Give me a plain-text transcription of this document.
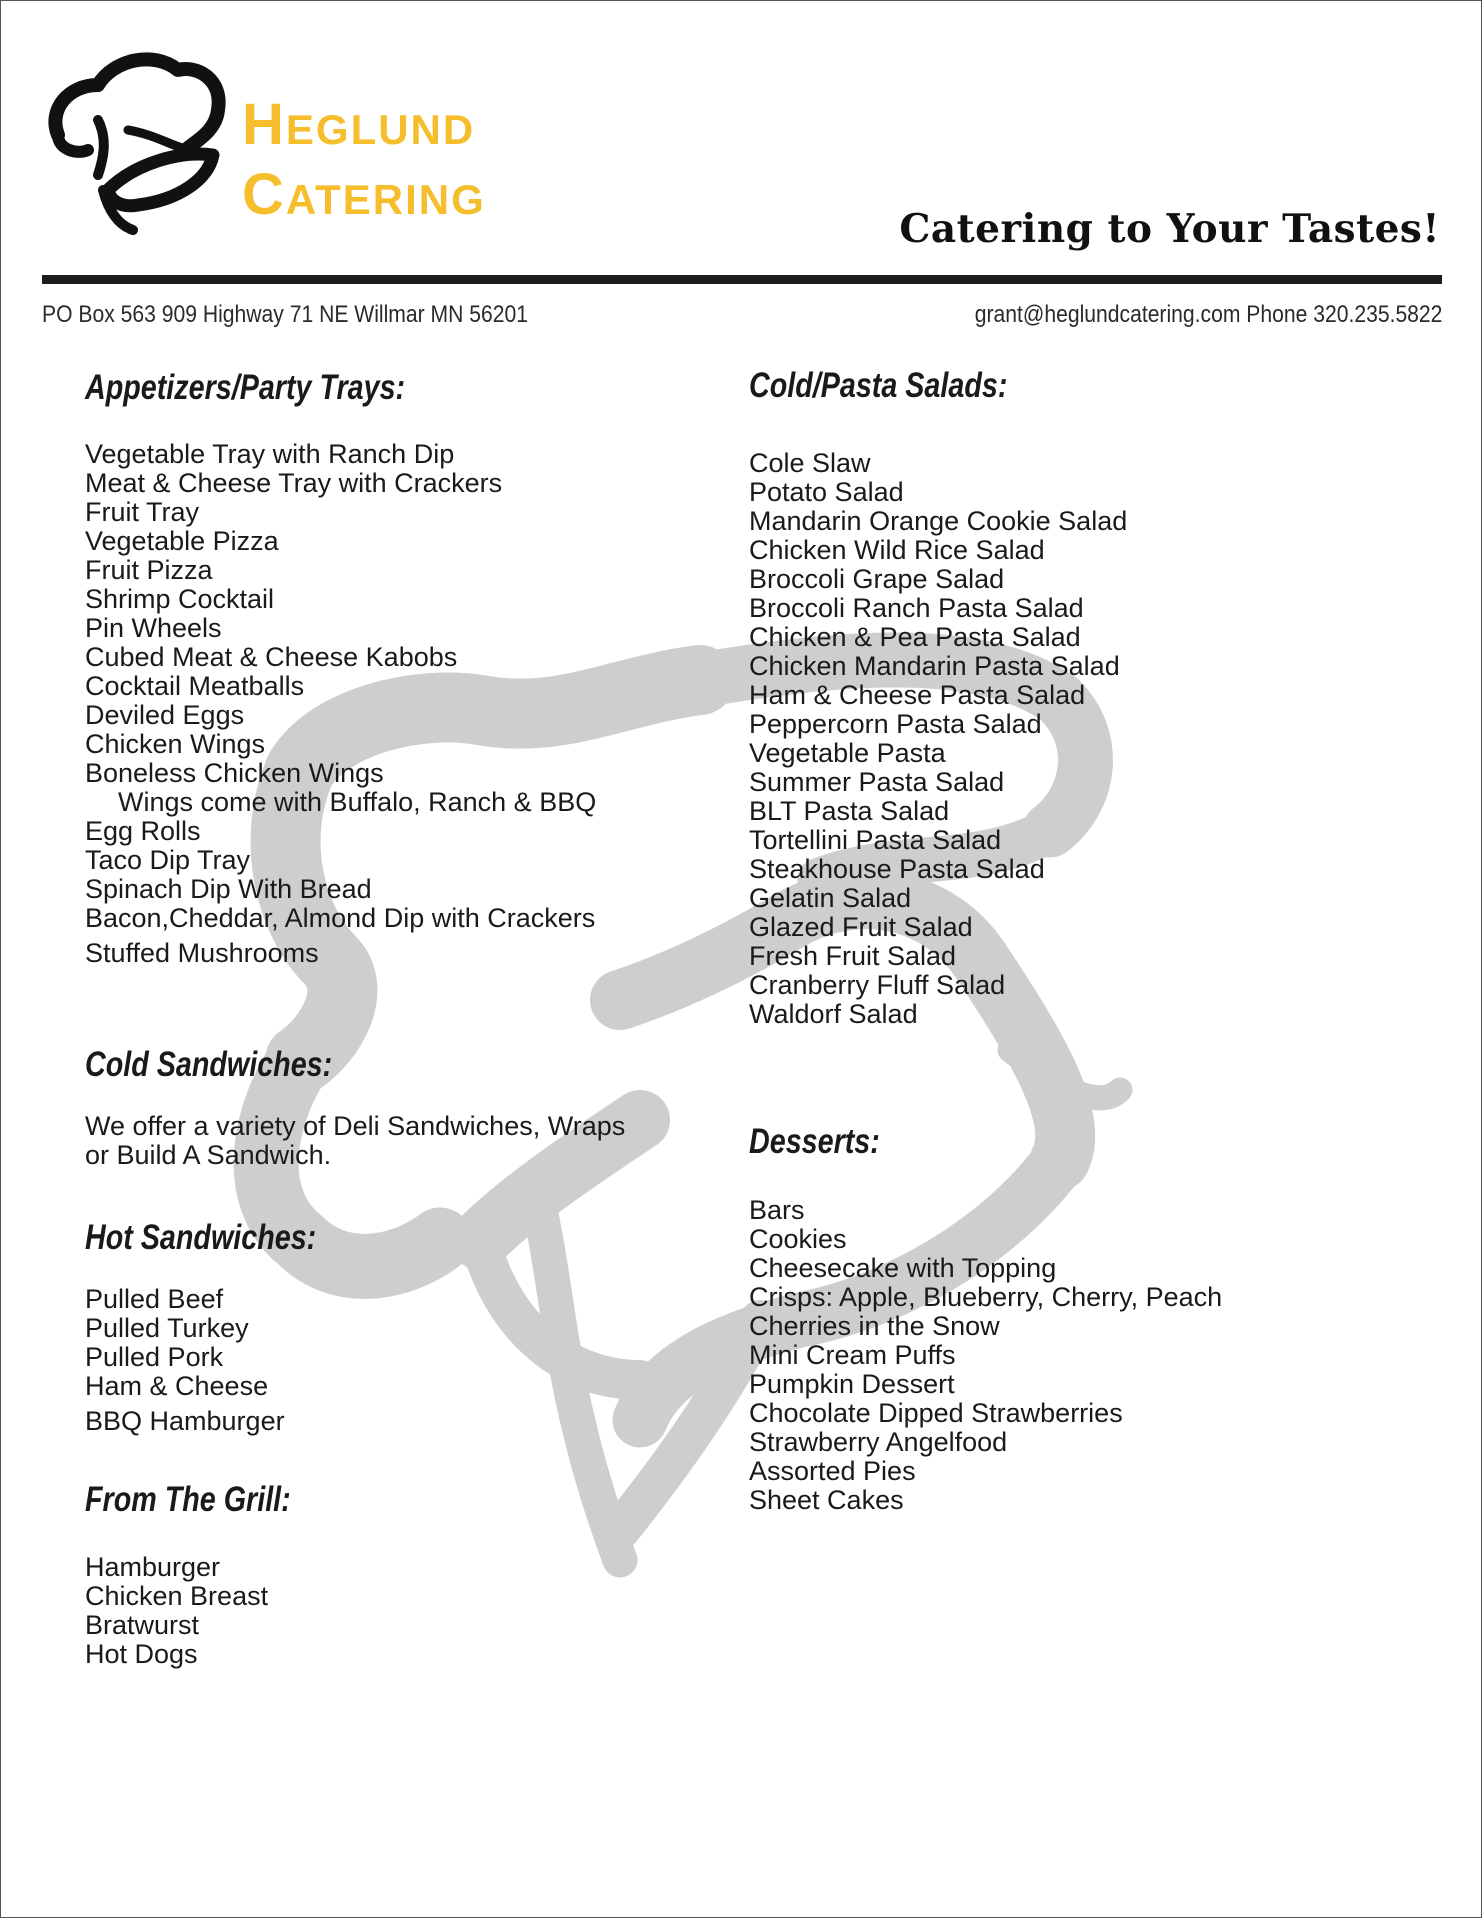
HEGLUND
CATERING
Catering to Your Tastes!
PO Box 563 909 Highway 71 NE Willmar MN 56201	grant@heglundcatering.com Phone 320.235.5822
Appetizers/Party Trays:
Vegetable Tray with Ranch Dip
Meat & Cheese Tray with Crackers
Fruit Tray
Vegetable Pizza
Fruit Pizza
Shrimp Cocktail
Pin Wheels
Cubed Meat & Cheese Kabobs
Cocktail Meatballs
Deviled Eggs
Chicken Wings
Boneless Chicken Wings
Wings come with Buffalo, Ranch & BBQ
Egg Rolls
Taco Dip Tray
Spinach Dip With Bread
Bacon,Cheddar, Almond Dip with Crackers
Stuffed Mushrooms
Cold Sandwiches:

We offer a variety of Deli Sandwiches, Wraps
or Build A Sandwich.

Hot Sandwiches:
Pulled Beef
Pulled Turkey
Pulled Pork
Ham & Cheese
BBQ Hamburger
From The Grill:
Hamburger
Chicken Breast
Bratwurst
Hot Dogs
Cold/Pasta Salads:
Cole Slaw
Potato Salad
Mandarin Orange Cookie Salad
Chicken Wild Rice Salad
Broccoli Grape Salad
Broccoli Ranch Pasta Salad
Chicken & Pea Pasta Salad
Chicken Mandarin Pasta Salad
Ham & Cheese Pasta Salad
Peppercorn Pasta Salad
Vegetable Pasta
Summer Pasta Salad
BLT Pasta Salad
Tortellini Pasta Salad
Steakhouse Pasta Salad
Gelatin Salad
Glazed Fruit Salad
Fresh Fruit Salad
Cranberry Fluff Salad
Waldorf Salad
Desserts:
Bars
Cookies
Cheesecake with Topping
Crisps: Apple, Blueberry, Cherry, Peach
Cherries in the Snow
Mini Cream Puffs
Pumpkin Dessert
Chocolate Dipped Strawberries
Strawberry Angelfood
Assorted Pies
Sheet Cakes
